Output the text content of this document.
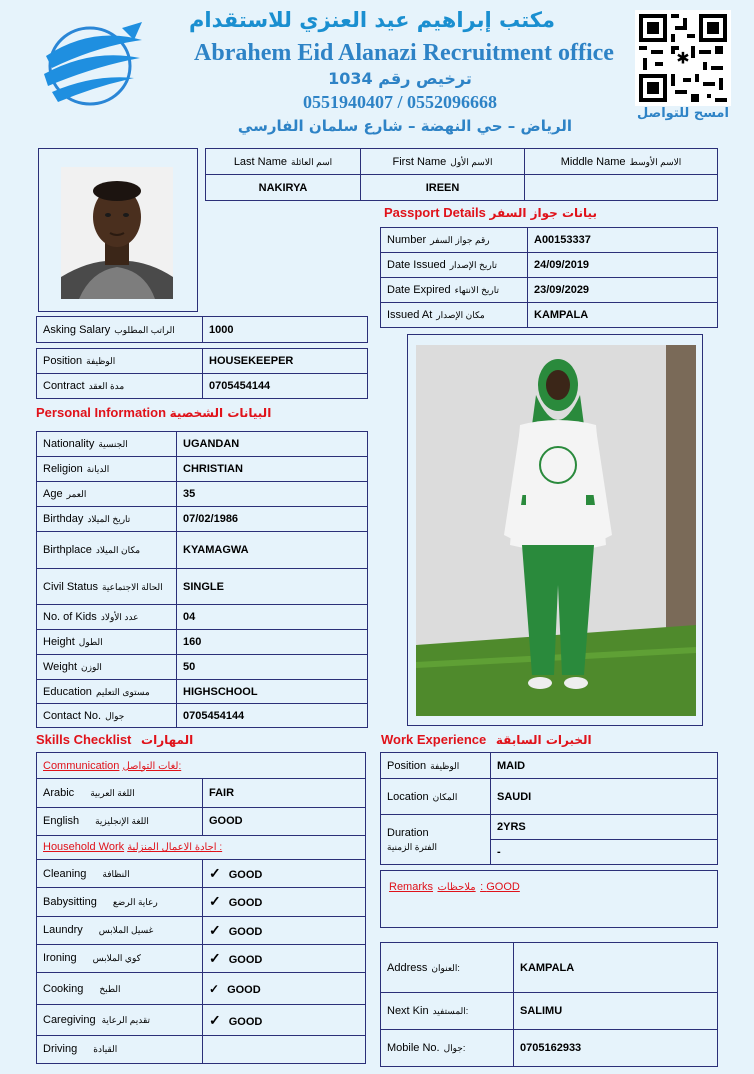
مكتب إبراهيم عيد العنزي للاستقدام
Abrahem Eid Alanazi Recruitment office
ترخيص رقم 1034
0551940407 / 0552096668
الرياض – حي النهضة – شارع سلمان الفارسي
✱
امسح للتواصل
Last Name اسم العائلة	First Name الاسم الأول	Middle Name الاسم الأوسط
NAKIRYA	IREEN	
Passport Details بيانات جواز السفر
Number رقم جواز السفر	A00153337
Date Issued تاريخ الإصدار	24/09/2019
Date Expired تاريخ الانتهاء	23/09/2029
Issued At مكان الإصدار	KAMPALA
Asking Salary الراتب المطلوب	1000
Position الوظيفة	HOUSEKEEPER
Contract مدة العقد	0705454144
Personal Information البيانات الشخصية
Nationality الجنسية	UGANDAN
Religion الديانة	CHRISTIAN
Age العمر	35
Birthday تاريخ الميلاد	07/02/1986
Birthplace مكان الميلاد	KYAMAGWA
Civil Status الحالة الاجتماعية	SINGLE
No. of Kids عدد الأولاد	04
Height الطول	160
Weight الوزن	50
Education مستوى التعليم	HIGHSCHOOL
Contact No. جوال	0705454144
Skills Checklist المهارات
Communication لغات التواصل:	
Arabic اللغة العربية	FAIR
English اللغة الإنجليزية	GOOD
Household Work اجادة الاعمال المنزلية :	
Cleaning النظافة	✓ GOOD
Babysitting رعاية الرضع	✓ GOOD
Laundry غسيل الملابس	✓ GOOD
Ironing كوي الملابس	✓ GOOD
Cooking الطبخ	✓ GOOD
Caregiving تقديم الرعاية	✓ GOOD
Driving القيادة	
Work Experience الخبرات السابقة
Position الوظيفة	MAID
Location المكان	SAUDI

Duration
الفترة الزمنية	2YRS
	-
Remarks ملاحظات : GOOD
Address العنوان:	KAMPALA
Next Kin المستفيد:	SALIMU
Mobile No. جوال:	0705162933
